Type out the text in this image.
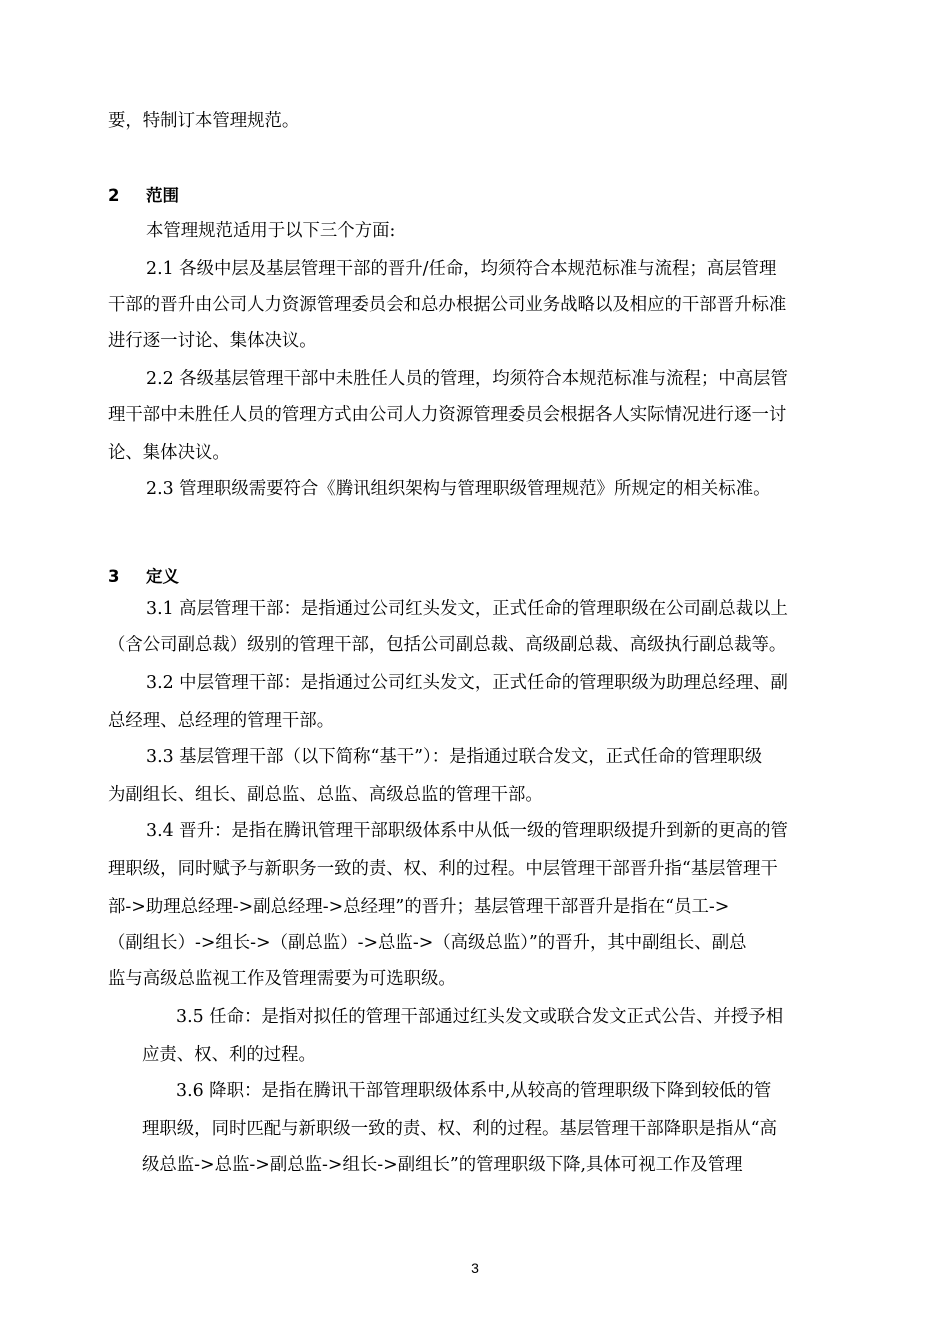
要，特制订本管理规范。
2 范围
本管理规范适用于以下三个方面:
2.1 各级中层及基层管理干部的晋升/任命，均须符合本规范标准与流程；高层管理
干部的晋升由公司人力资源管理委员会和总办根据公司业务战略以及相应的干部晋升标准
进行逐一讨论、集体决议。
2.2 各级基层管理干部中未胜任人员的管理，均须符合本规范标准与流程；中高层管
理干部中未胜任人员的管理方式由公司人力资源管理委员会根据各人实际情况进行逐一讨
论、集体决议。
2.3 管理职级需要符合《腾讯组织架构与管理职级管理规范》所规定的相关标准。
3 定义
3.1 高层管理干部：是指通过公司红头发文，正式任命的管理职级在公司副总裁以上
（含公司副总裁）级别的管理干部，包括公司副总裁、高级副总裁、高级执行副总裁等。
3.2 中层管理干部：是指通过公司红头发文，正式任命的管理职级为助理总经理、副
总经理、总经理的管理干部。
3.3 基层管理干部（以下简称“基干”）：是指通过联合发文，正式任命的管理职级
为副组长、组长、副总监、总监、高级总监的管理干部。
3.4 晋升：是指在腾讯管理干部职级体系中从低一级的管理职级提升到新的更高的管
理职级，同时赋予与新职务一致的责、权、利的过程。中层管理干部晋升指“基层管理干
部->助理总经理->副总经理->总经理”的晋升；基层管理干部晋升是指在“员工->
（副组长）->组长->（副总监）->总监->（高级总监）”的晋升，其中副组长、副总
监与高级总监视工作及管理需要为可选职级。
3.5 任命：是指对拟任的管理干部通过红头发文或联合发文正式公告、并授予相
应责、权、利的过程。
3.6 降职：是指在腾讯干部管理职级体系中,从较高的管理职级下降到较低的管
理职级，同时匹配与新职级一致的责、权、利的过程。基层管理干部降职是指从“高
级总监->总监->副总监->组长->副组长”的管理职级下降,具体可视工作及管理
3
